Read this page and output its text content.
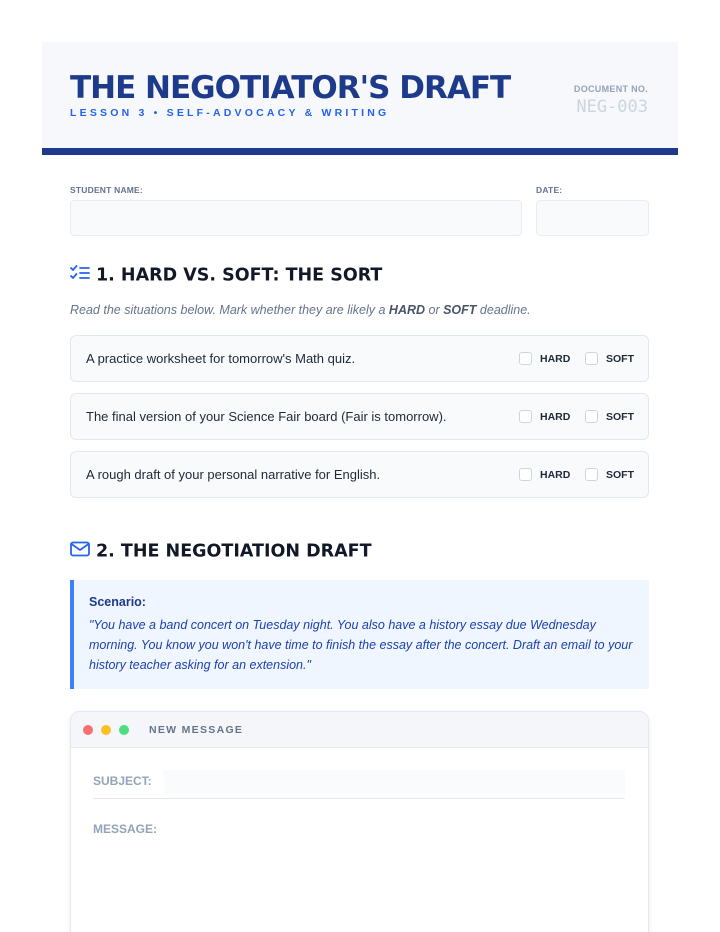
THE NEGOTIATOR'S DRAFT
LESSON 3 • SELF-ADVOCACY & WRITING
DOCUMENT NO.
NEG-003
STUDENT NAME:	DATE:
1. HARD VS. SOFT: THE SORT
Read the situations below. Mark whether they are likely a HARD or SOFT deadline.
A practice worksheet for tomorrow's Math quiz.	HARD	SOFT
The final version of your Science Fair board (Fair is tomorrow).	HARD	SOFT
A rough draft of your personal narrative for English.	HARD	SOFT
2. THE NEGOTIATION DRAFT
Scenario:
"You have a band concert on Tuesday night. You also have a history essay due Wednesday morning. You know you won't have time to finish the essay after the concert. Draft an email to your history teacher asking for an extension."
NEW MESSAGE
SUBJECT:
MESSAGE:
